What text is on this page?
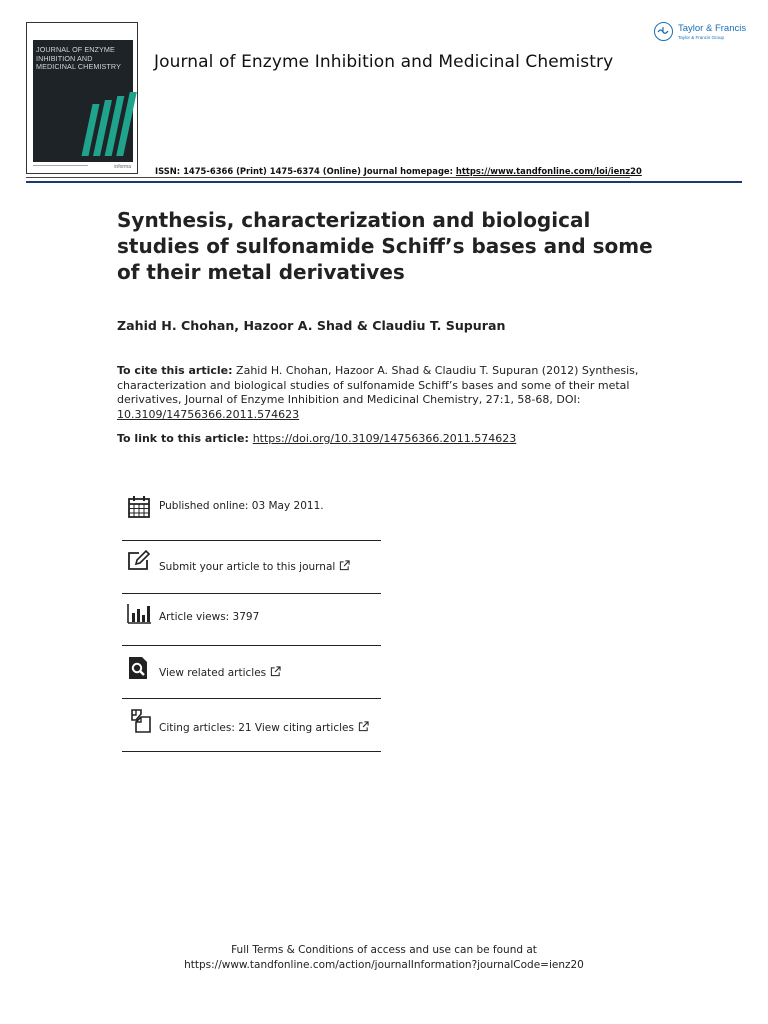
JOURNAL OF ENZYME INHIBITION AND MEDICINAL CHEMISTRY
informa
Journal of Enzyme Inhibition and Medicinal Chemistry
Taylor & Francis
Taylor & Francis Group
ISSN: 1475-6366 (Print) 1475-6374 (Online) Journal homepage: https://www.tandfonline.com/loi/ienz20
Synthesis, characterization and biological studies of sulfonamide Schiff’s bases and some of their metal derivatives
Zahid H. Chohan, Hazoor A. Shad & Claudiu T. Supuran
To cite this article: Zahid H. Chohan, Hazoor A. Shad & Claudiu T. Supuran (2012) Synthesis, characterization and biological studies of sulfonamide Schiff’s bases and some of their metal derivatives, Journal of Enzyme Inhibition and Medicinal Chemistry, 27:1, 58-68, DOI: 10.3109/14756366.2011.574623
To link to this article: https://doi.org/10.3109/14756366.2011.574623
Published online: 03 May 2011.
Submit your article to this journal
Article views: 3797
View related articles
Citing articles: 21 View citing articles
Full Terms & Conditions of access and use can be found at
https://www.tandfonline.com/action/journalInformation?journalCode=ienz20
